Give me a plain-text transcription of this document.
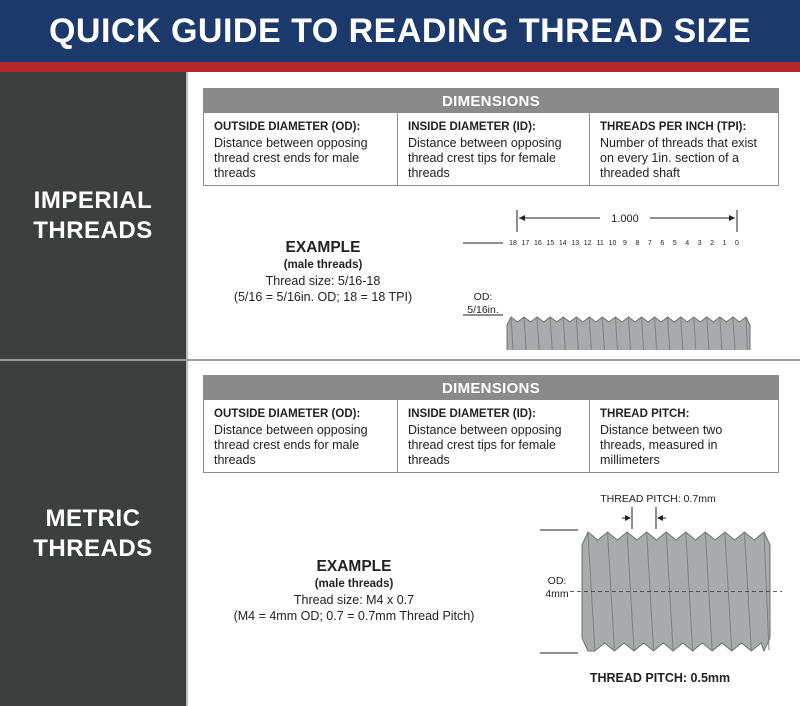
QUICK GUIDE TO READING THREAD SIZE
IMPERIAL
THREADS
DIMENSIONS
OUTSIDE DIAMETER (OD):
Distance between opposing thread crest ends for male threads
INSIDE DIAMETER (ID):
Distance between opposing thread crest tips for female threads
THREADS PER INCH (TPI):
Number of threads that exist on every 1in. section of a threaded shaft
EXAMPLE
(male threads)
Thread size: 5/16-18
(5/16 = 5/16in. OD; 18 = 18 TPI)
1.000
18 17 16 15 14 13 12 11 10 9 8 7 6 5 4 3 2 1 0
OD:
5/16in.
METRIC
THREADS
DIMENSIONS
OUTSIDE DIAMETER (OD):
Distance between opposing thread crest ends for male threads
INSIDE DIAMETER (ID):
Distance between opposing thread crest tips for female threads
THREAD PITCH:
Distance between two threads, measured in millimeters
EXAMPLE
(male threads)
Thread size: M4 x 0.7
(M4 = 4mm OD; 0.7 = 0.7mm Thread Pitch)
THREAD PITCH: 0.7mm
OD:
4mm
THREAD PITCH: 0.5mm
